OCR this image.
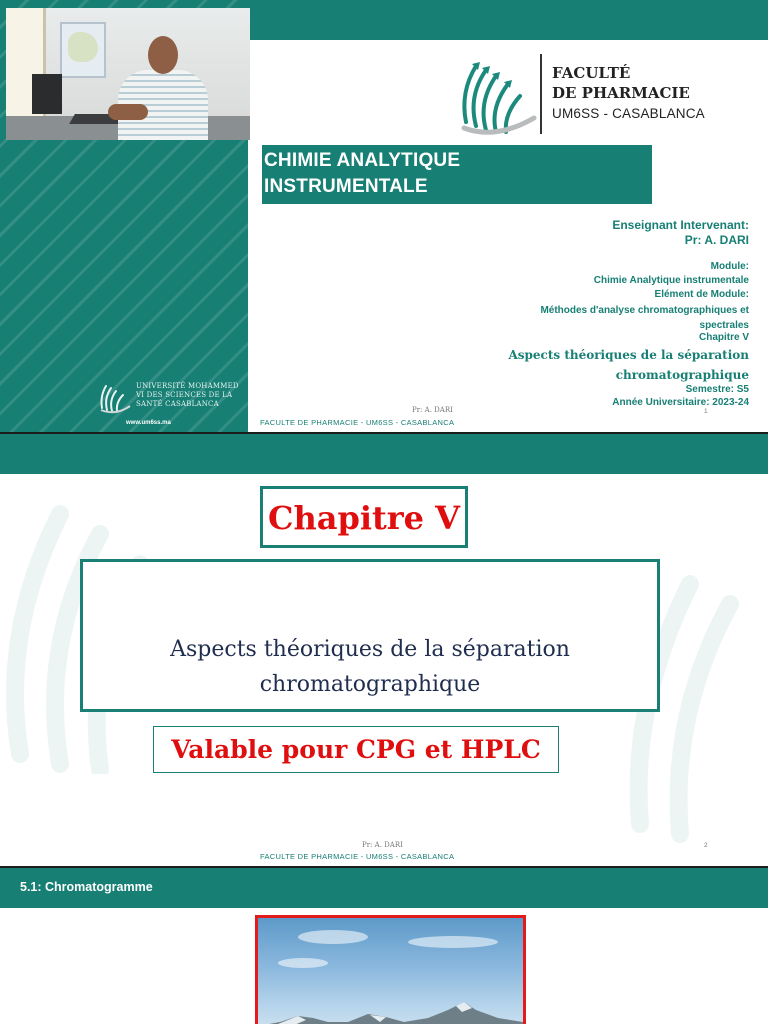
FACULTÉ
DE PHARMACIE
UM6SS - CASABLANCA
CHIMIE ANALYTIQUE
INSTRUMENTALE
Enseignant Intervenant:
Pr: A. DARI
Module:
Chimie Analytique instrumentale
Elément de Module:
Méthodes d'analyse chromatographiques et spectrales
Chapitre V
Aspects théoriques de la séparation chromatographique
Semestre: S5
Année Universitaire: 2023-24
UNIVERSITÉ MOHAMMED VI DES SCIENCES DE LA SANTÉ CASABLANCA
www.um6ss.ma
Pr: A. DARI
FACULTE DE PHARMACIE - UM6SS - CASABLANCA
1
Chapitre V
Aspects théoriques de la séparation
chromatographique
Valable pour CPG et HPLC
Pr: A. DARI
FACULTE DE PHARMACIE - UM6SS - CASABLANCA
2
5.1: Chromatogramme
